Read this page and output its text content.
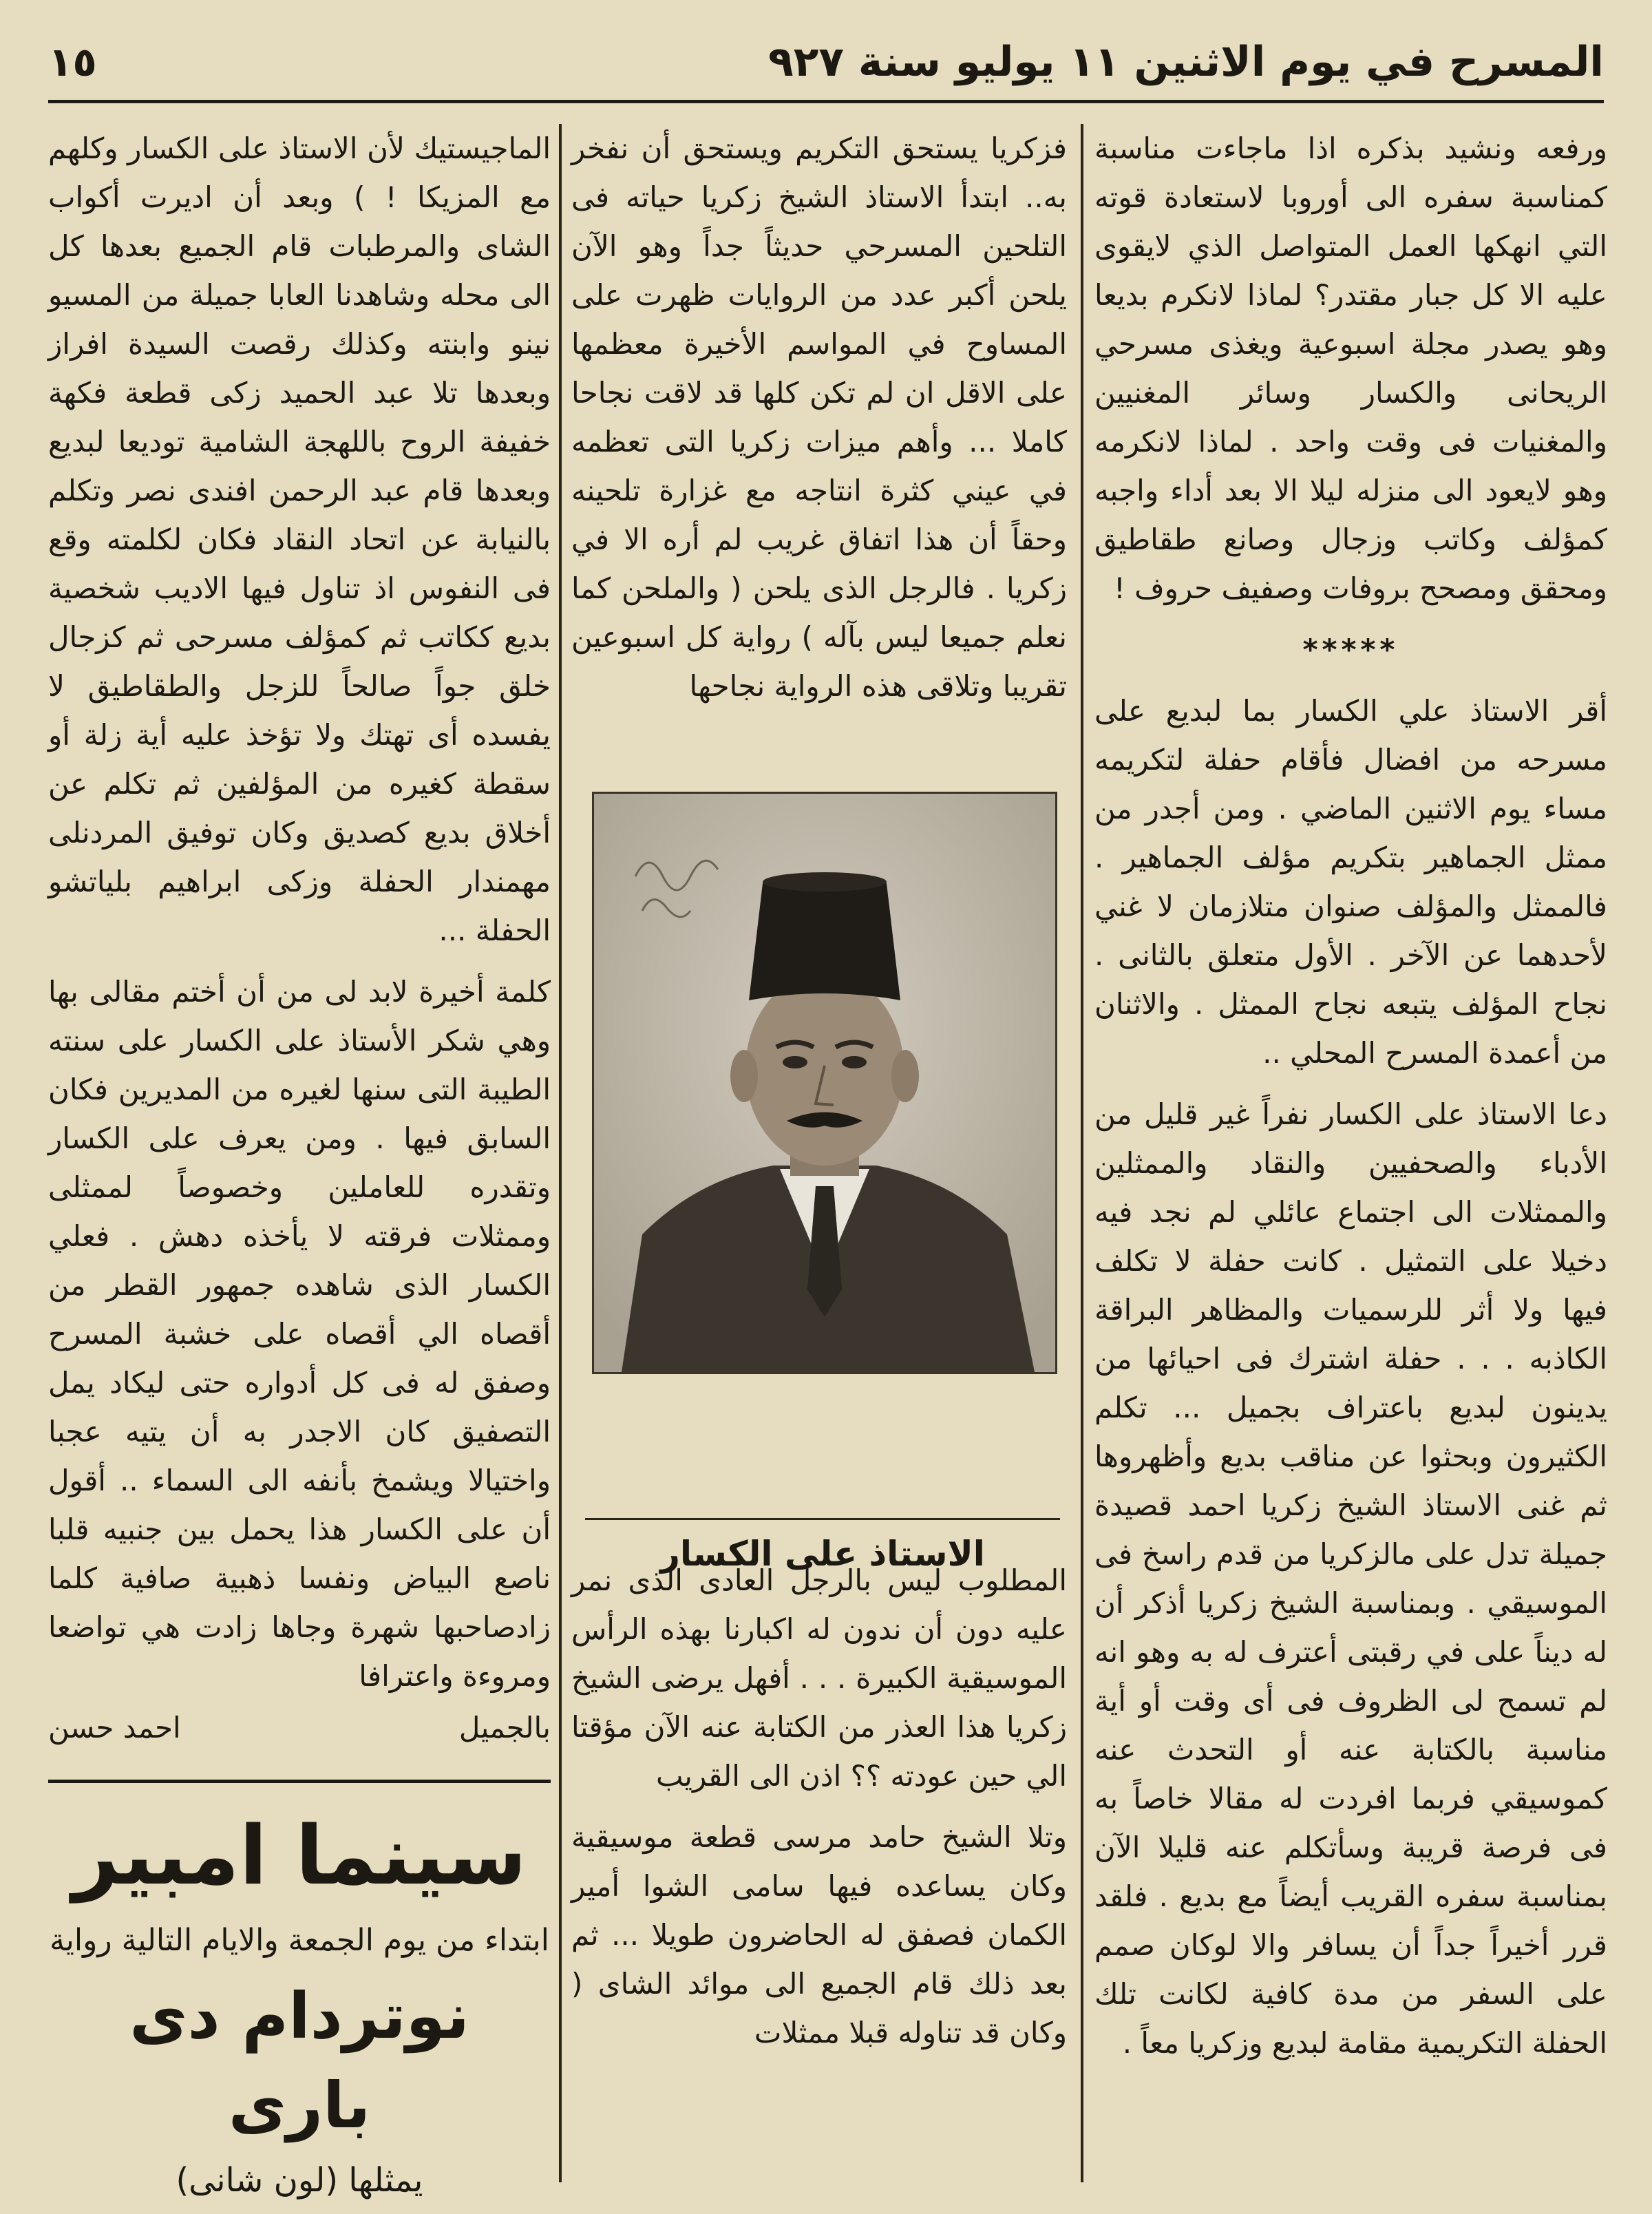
المسرح في يوم الاثنين ١١ يوليو سنة ٩٢٧
١٥

ورفعه ونشيد بذكره اذا ماجاءت مناسبة كمناسبة سفره الى أوروبا لاستعادة قوته التي انهكها العمل المتواصل الذي لايقوى عليه الا كل جبار مقتدر؟ لماذا لانكرم بديعا وهو يصدر مجلة اسبوعية ويغذى مسرحي الريحانى والكسار وسائر المغنيين والمغنيات فى وقت واحد . لماذا لانكرمه وهو لايعود الى منزله ليلا الا بعد أداء واجبه كمؤلف وكاتب وزجال وصانع طقاطيق ومحقق ومصحح بروفات وصفيف حروف !

*****

أقر الاستاذ علي الكسار بما لبديع على مسرحه من افضال فأقام حفلة لتكريمه مساء يوم الاثنين الماضي . ومن أجدر من ممثل الجماهير بتكريم مؤلف الجماهير . فالممثل والمؤلف صنوان متلازمان لا غني لأحدهما عن الآخر . الأول متعلق بالثانى . نجاح المؤلف يتبعه نجاح الممثل . والاثنان من أعمدة المسرح المحلي ..

دعا الاستاذ على الكسار نفراً غير قليل من الأدباء والصحفيين والنقاد والممثلين والممثلات الى اجتماع عائلي لم نجد فيه دخيلا على التمثيل . كانت حفلة لا تكلف فيها ولا أثر للرسميات والمظاهر البراقة الكاذبه . . . حفلة اشترك فى احيائها من يدينون لبديع باعتراف بجميل ... تكلم الكثيرون وبحثوا عن مناقب بديع وأظهروها ثم غنى الاستاذ الشيخ زكريا احمد قصيدة جميلة تدل على مالزكريا من قدم راسخ فى الموسيقي . وبمناسبة الشيخ زكريا أذكر أن له ديناً على في رقبتى أعترف له به وهو انه لم تسمح لى الظروف فى أى وقت أو أية مناسبة بالكتابة عنه أو التحدث عنه كموسيقي فربما افردت له مقالا خاصاً به فى فرصة قريبة وسأتكلم عنه قليلا الآن بمناسبة سفره القريب أيضاً مع بديع . فلقد قرر أخيراً جداً أن يسافر والا لوكان صمم على السفر من مدة كافية لكانت تلك الحفلة التكريمية مقامة لبديع وزكريا معاً .

فزكريا يستحق التكريم ويستحق أن نفخر به.. ابتدأ الاستاذ الشيخ زكريا حياته فى التلحين المسرحي حديثاً جداً وهو الآن يلحن أكبر عدد من الروايات ظهرت على المساوح في المواسم الأخيرة معظمها على الاقل ان لم تكن كلها قد لاقت نجاحا كاملا ... وأهم ميزات زكريا التى تعظمه في عيني كثرة انتاجه مع غزارة تلحينه وحقاً أن هذا اتفاق غريب لم أره الا في زكريا . فالرجل الذى يلحن ( والملحن كما نعلم جميعا ليس بآله ) رواية كل اسبوعين تقريبا وتلاقى هذه الرواية نجاحها

الاستاذ على الكسار

المطلوب ليس بالرجل العادى الذى نمر عليه دون أن ندون له اكبارنا بهذه الرأس الموسيقية الكبيرة . . . أفهل يرضى الشيخ زكريا هذا العذر من الكتابة عنه الآن مؤقتا الي حين عودته ؟؟ اذن الى القريب

وتلا الشيخ حامد مرسى قطعة موسيقية وكان يساعده فيها سامى الشوا أمير الكمان فصفق له الحاضرون طويلا ... ثم بعد ذلك قام الجميع الى موائد الشاى ( وكان قد تناوله قبلا ممثلات

الماجيستيك لأن الاستاذ على الكسار وكلهم مع المزيكا ! ) وبعد أن اديرت أكواب الشاى والمرطبات قام الجميع بعدها كل الى محله وشاهدنا العابا جميلة من المسيو نينو وابنته وكذلك رقصت السيدة افراز وبعدها تلا عبد الحميد زكى قطعة فكهة خفيفة الروح باللهجة الشامية توديعا لبديع وبعدها قام عبد الرحمن افندى نصر وتكلم بالنيابة عن اتحاد النقاد فكان لكلمته وقع فى النفوس اذ تناول فيها الاديب شخصية بديع ككاتب ثم كمؤلف مسرحى ثم كزجال خلق جواً صالحاً للزجل والطقاطيق لا يفسده أى تهتك ولا تؤخذ عليه أية زلة أو سقطة كغيره من المؤلفين ثم تكلم عن أخلاق بديع كصديق وكان توفيق المردنلى مهمندار الحفلة وزكى ابراهيم بلياتشو الحفلة ...

كلمة أخيرة لابد لى من أن أختم مقالى بها وهي شكر الأستاذ على الكسار على سنته الطيبة التى سنها لغيره من المديرين فكان السابق فيها . ومن يعرف على الكسار وتقدره للعاملين وخصوصاً لممثلى وممثلات فرقته لا يأخذه دهش . فعلي الكسار الذى شاهده جمهور القطر من أقصاه الي أقصاه على خشبة المسرح وصفق له فى كل أدواره حتى ليكاد يمل التصفيق كان الاجدر به أن يتيه عجبا واختيالا ويشمخ بأنفه الى السماء .. أقول أن على الكسار هذا يحمل بين جنبيه قلبا ناصع البياض ونفسا ذهبية صافية كلما زادصاحبها شهرة وجاها زادت هي تواضعا ومروءة واعترافا

بالجميل
احمد حسن
سينما امبير
ابتداء من يوم الجمعة والايام التالية رواية
نوتردام دى بارى
يمثلها (لون شانى)
